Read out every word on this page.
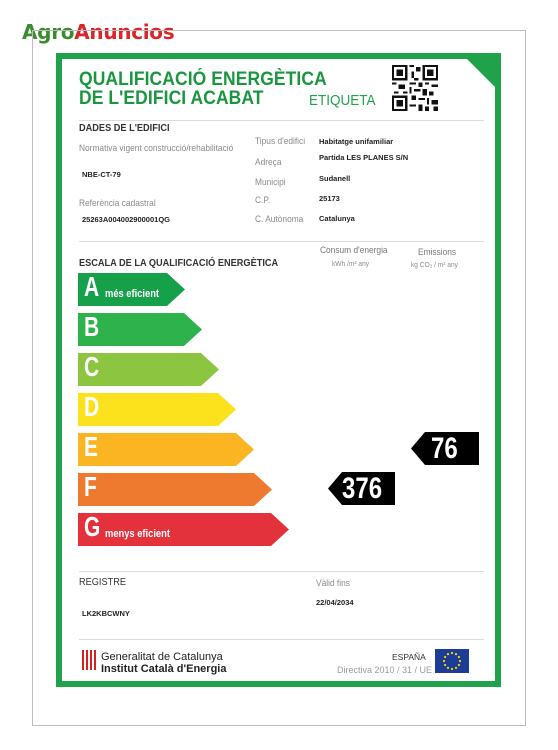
AgroAnuncios
QUALIFICACIÓ ENERGÈTICA
DE L'EDIFICI ACABAT	ETIQUETA
DADES DE L'EDIFICI
Normativa vigent construcció/rehabilitació
NBE-CT-79
Referència cadastral
25263A004002900001QG
Tipus d'edifici Habitatge unifamiliar
Adreça	Partida LES PLANES S/N
Municipi	Sudanell
C.P.	25173
C. Autònoma Catalunya
ESCALA DE LA QUALIFICACIÓ ENERGÈTICA
Consum d'energia
kWh /m² any
Emissions
kg CO₂ / m² any
A més eficient
B
C
D
E
F
G menys eficient
76
376
REGISTRE
LK2KBCWNY
Vàlid fins
22/04/2034
Generalitat de Catalunya
Institut Català d'Energia
ESPAÑA
Directiva 2010 / 31 / UE
